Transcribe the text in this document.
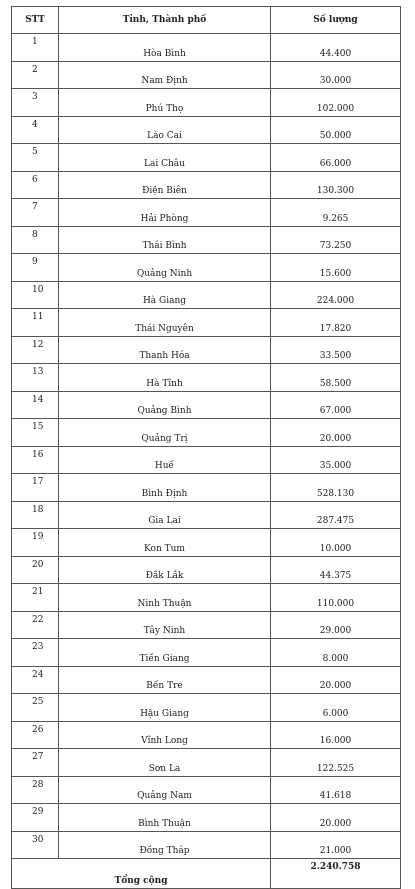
STT	Tỉnh, Thành phố	Số lượng
1	Hòa Bình	44.400
2	Nam Định	30.000
3	Phú Thọ	102.000
4	Lào Cai	50.000
5	Lai Châu	66.000
6	Điện Biên	130.300
7	Hải Phòng	9.265
8	Thái Bình	73.250
9	Quảng Ninh	15.600
10	Hà Giang	224.000
11	Thái Nguyên	17.820
12	Thanh Hóa	33.500
13	Hà Tĩnh	58.500
14	Quảng Bình	67.000
15	Quảng Trị	20.000
16	Huế	35.000
17	Bình Định	528.130
18	Gia Lai	287.475
19	Kon Tum	10.000
20	Đắk Lắk	44.375
21	Ninh Thuận	110.000
22	Tây Ninh	29.000
23	Tiền Giang	8.000
24	Bến Tre	20.000
25	Hậu Giang	6.000
26	Vĩnh Long	16.000
27	Sơn La	122.525
28	Quảng Nam	41.618
29	Bình Thuận	20.000
30	Đồng Tháp	21.000
Tổng cộng		2.240.758
